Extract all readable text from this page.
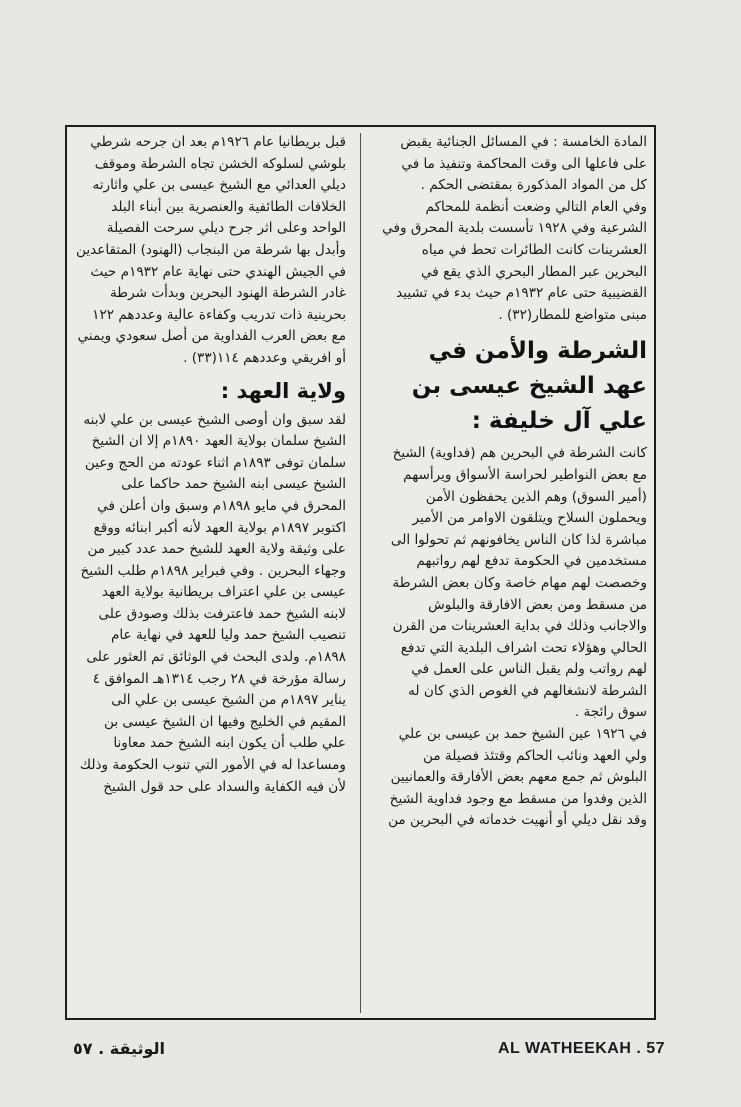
المادة الخامسة : في المسائل الجنائية يقبض على فاعلها الى وقت المحاكمة وتنفيذ ما في كل من المواد المذكورة بمقتضى الحكم .

وفي العام التالي وضعت أنظمة للمحاكم الشرعية وفي ١٩٢٨ تأسست بلدية المحرق وفي العشرينات كانت الطائرات تحط في مياه البحرين عبر المطار البحري الذي يقع في القضيبية حتى عام ١٩٣٢م حيث بدء في تشييد مبنى متواضع للمطار(٣٢) .

الشرطة والأمن في عهد الشيخ عيسى بن علي آل خليفة :

كانت الشرطة في البحرين هم (فداوية) الشيخ مع بعض النواطير لحراسة الأسواق ويرأسهم (أمير السوق) وهم الذين يحفظون الأمن ويحملون السلاح ويتلقون الاوامر من الأمير مباشرة لذا كان الناس يخافونهم ثم تحولوا الى مستخدمين في الحكومة تدفع لهم رواتبهم وخصصت لهم مهام خاصة وكان بعض الشرطة من مسقط ومن بعض الافارقة والبلوش والاجانب وذلك في بداية العشرينات من القرن الحالي وهؤلاء تحت اشراف البلدية التي تدفع لهم رواتب ولم يقبل الناس على العمل في الشرطة لانشغالهم في الغوص الذي كان له سوق رائجة .

في ١٩٢٦ عين الشيخ حمد بن عيسى بن علي ولي العهد ونائب الحاكم وقتئذ فصيلة من البلوش ثم جمع معهم بعض الأفارقة والعمانيين الذين وفدوا من مسقط مع وجود فداوية الشيخ وقد نقل ديلي أو أنهيت خدماته في البحرين من

قبل بريطانيا عام ١٩٢٦م بعد ان جرحه شرطي بلوشي لسلوكه الخشن تجاه الشرطة وموقف ديلي العدائي مع الشيخ عيسى بن علي واثارته الخلافات الطائفية والعنصرية بين أبناء البلد الواحد وعلى اثر جرح ديلي سرحت الفصيلة وأبدل بها شرطة من البنجاب (الهنود) المتقاعدين في الجيش الهندي حتى نهاية عام ١٩٣٢م حيث غادر الشرطة الهنود البحرين وبدأت شرطة بحرينية ذات تدريب وكفاءة عالية وعددهم ١٢٢ مع بعض العرب الفداوية من أصل سعودي ويمني أو افريقي وعددهم ١١٤(٣٣) .

ولاية العهد :

لقد سبق وان أوصى الشيخ عيسى بن علي لابنه الشيخ سلمان بولاية العهد ١٨٩٠م إلا ان الشيخ سلمان توفى ١٨٩٣م اثناء عودته من الحج وعين الشيخ عيسى ابنه الشيخ حمد حاكما على المحرق في مايو ١٨٩٨م وسبق وان أعلن في اكتوبر ١٨٩٧م بولاية العهد لأنه أكبر ابنائه ووقع على وثيقة ولاية العهد للشيخ حمد عدد كبير من وجهاء البحرين . وفي فبراير ١٨٩٨م طلب الشيخ عيسى بن علي اعتراف بريطانية بولاية العهد لابنه الشيخ حمد فاعترفت بذلك وصودق على تنصيب الشيخ حمد وليا للعهد في نهاية عام ١٨٩٨م. ولدى البحث في الوثائق تم العثور على رسالة مؤرخة في ٢٨ رجب ١٣١٤هـ الموافق ٤ يناير ١٨٩٧م من الشيخ عيسى بن علي الى المقيم في الخليج وفيها ان الشيخ عيسى بن علي طلب أن يكون ابنه الشيخ حمد معاونا ومساعدا له في الأمور التي تنوب الحكومة وذلك لأن فيه الكفاية والسداد على حد قول الشيخ

AL WATHEEKAH . 57
الوثيقة . ٥٧
